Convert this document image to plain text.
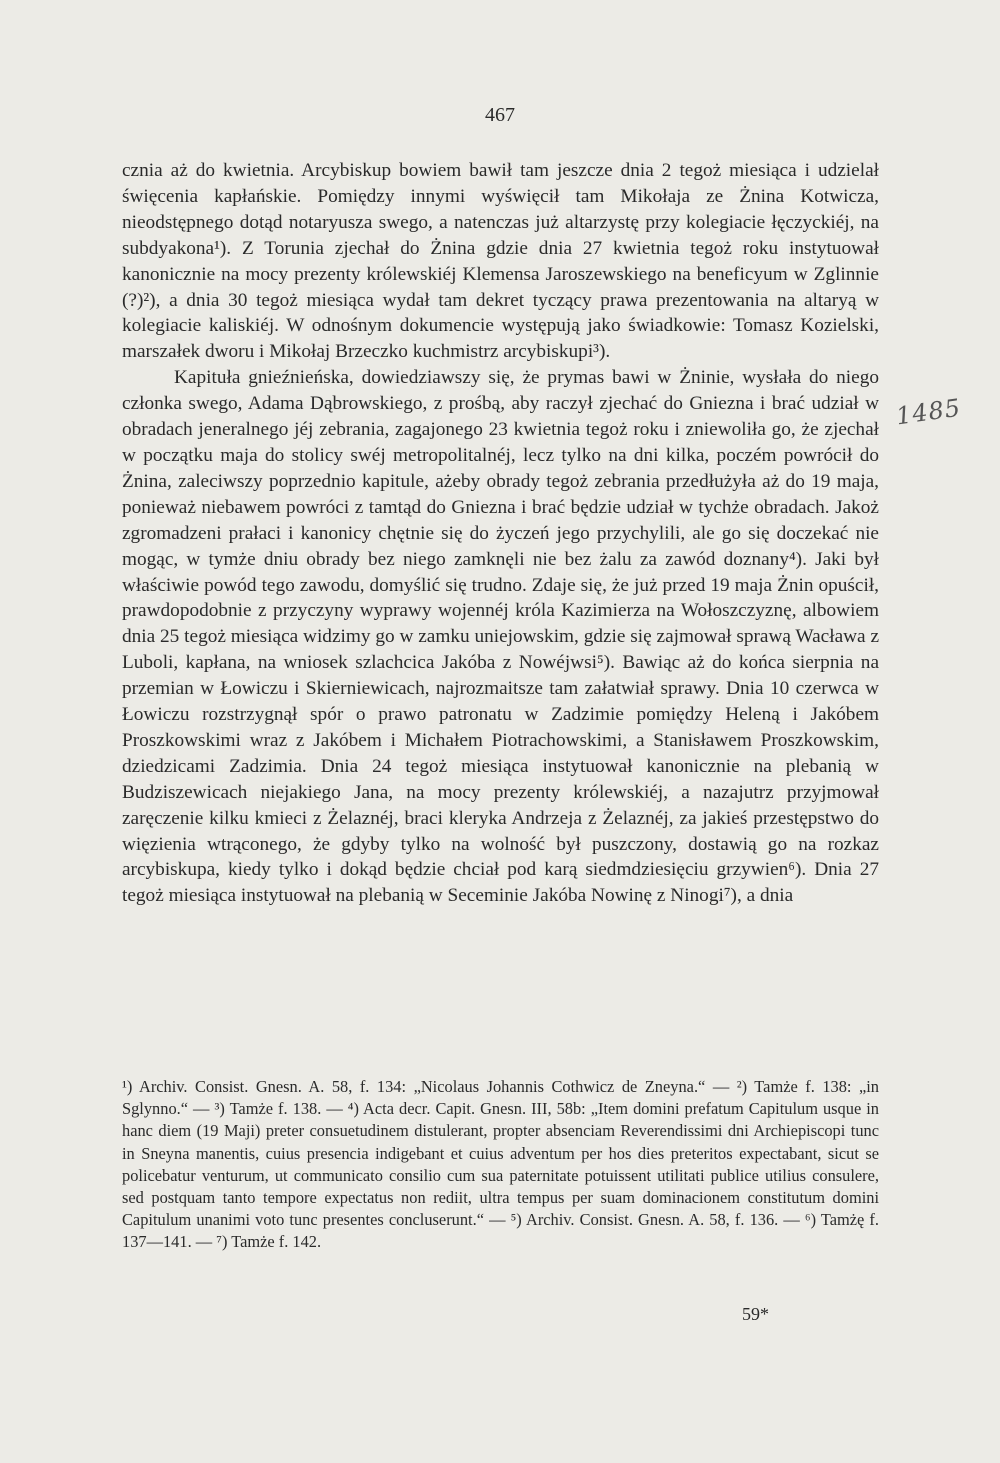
467

cznia aż do kwietnia. Arcybiskup bowiem bawił tam jeszcze dnia 2 tegoż miesiąca i udzielał święcenia kapłańskie. Pomiędzy innymi wyświęcił tam Mikołaja ze Żnina Kotwicza, nieodstępnego dotąd notaryusza swego, a natenczas już altarzystę przy kolegiacie łęczyckiéj, na subdyakona¹). Z Torunia zjechał do Żnina gdzie dnia 27 kwietnia tegoż roku instytuował kanonicznie na mocy prezenty królewskiéj Klemensa Jaroszewskiego na beneficyum w Zglinnie (?)²), a dnia 30 tegoż miesiąca wydał tam dekret tyczący prawa prezentowania na altaryą w kolegiacie kaliskiéj. W odnośnym dokumencie występują jako świadkowie: Tomasz Kozielski, marszałek dworu i Mikołaj Brzeczko kuchmistrz arcybiskupi³).

Kapituła gnieźnieńska, dowiedziawszy się, że prymas bawi w Żninie, wysłała do niego członka swego, Adama Dąbrowskiego, z prośbą, aby raczył zjechać do Gniezna i brać udział w obradach jeneralnego jéj zebrania, zagajonego 23 kwietnia tegoż roku i zniewoliła go, że zjechał w początku maja do stolicy swéj metropolitalnéj, lecz tylko na dni kilka, poczém powrócił do Żnina, zaleciwszy poprzednio kapitule, ażeby obrady tegoż zebrania przedłużyła aż do 19 maja, ponieważ niebawem powróci z tamtąd do Gniezna i brać będzie udział w tychże obradach. Jakoż zgromadzeni prałaci i kanonicy chętnie się do życzeń jego przychylili, ale go się doczekać nie mogąc, w tymże dniu obrady bez niego zamknęli nie bez żalu za zawód doznany⁴). Jaki był właściwie powód tego zawodu, domyślić się trudno. Zdaje się, że już przed 19 maja Żnin opuścił, prawdopodobnie z przyczyny wyprawy wojennéj króla Kazimierza na Wołoszczyznę, albowiem dnia 25 tegoż miesiąca widzimy go w zamku uniejowskim, gdzie się zajmował sprawą Wacława z Luboli, kapłana, na wniosek szlachcica Jakóba z Nowéjwsi⁵). Bawiąc aż do końca sierpnia na przemian w Łowiczu i Skierniewicach, najrozmaitsze tam załatwiał sprawy. Dnia 10 czerwca w Łowiczu rozstrzygnął spór o prawo patronatu w Zadzimie pomiędzy Heleną i Jakóbem Proszkowskimi wraz z Jakóbem i Michałem Piotrachowskimi, a Stanisławem Proszkowskim, dziedzicami Zadzimia. Dnia 24 tegoż miesiąca instytuował kanonicznie na plebanią w Budziszewicach niejakiego Jana, na mocy prezenty królewskiéj, a nazajutrz przyjmował zaręczenie kilku kmieci z Żelaznéj, braci kleryka Andrzeja z Żelaznéj, za jakieś przestępstwo do więzienia wtrąconego, że gdyby tylko na wolność był puszczony, dostawią go na rozkaz arcybiskupa, kiedy tylko i dokąd będzie chciał pod karą siedmdziesięciu grzywien⁶). Dnia 27 tegoż miesiąca instytuował na plebanią w Seceminie Jakóba Nowinę z Ninogi⁷), a dnia

1485

¹) Archiv. Consist. Gnesn. A. 58, f. 134: „Nicolaus Johannis Cothwicz de Zneyna.“ — ²) Tamże f. 138: „in Sglynno.“ — ³) Tamże f. 138. — ⁴) Acta decr. Capit. Gnesn. III, 58b: „Item domini prefatum Capitulum usque in hanc diem (19 Maji) preter consuetudinem distulerant, propter absenciam Reverendissimi dni Archiepiscopi tunc in Sneyna manentis, cuius presencia indigebant et cuius adventum per hos dies preteritos expectabant, sicut se policebatur venturum, ut communicato consilio cum sua paternitate potuissent utilitati publice utilius consulere, sed postquam tanto tempore expectatus non rediit, ultra tempus per suam dominacionem constitutum domini Capitulum unanimi voto tunc presentes concluserunt.“ — ⁵) Archiv. Consist. Gnesn. A. 58, f. 136. — ⁶) Tamżę f. 137—141. — ⁷) Tamże f. 142.

59*
